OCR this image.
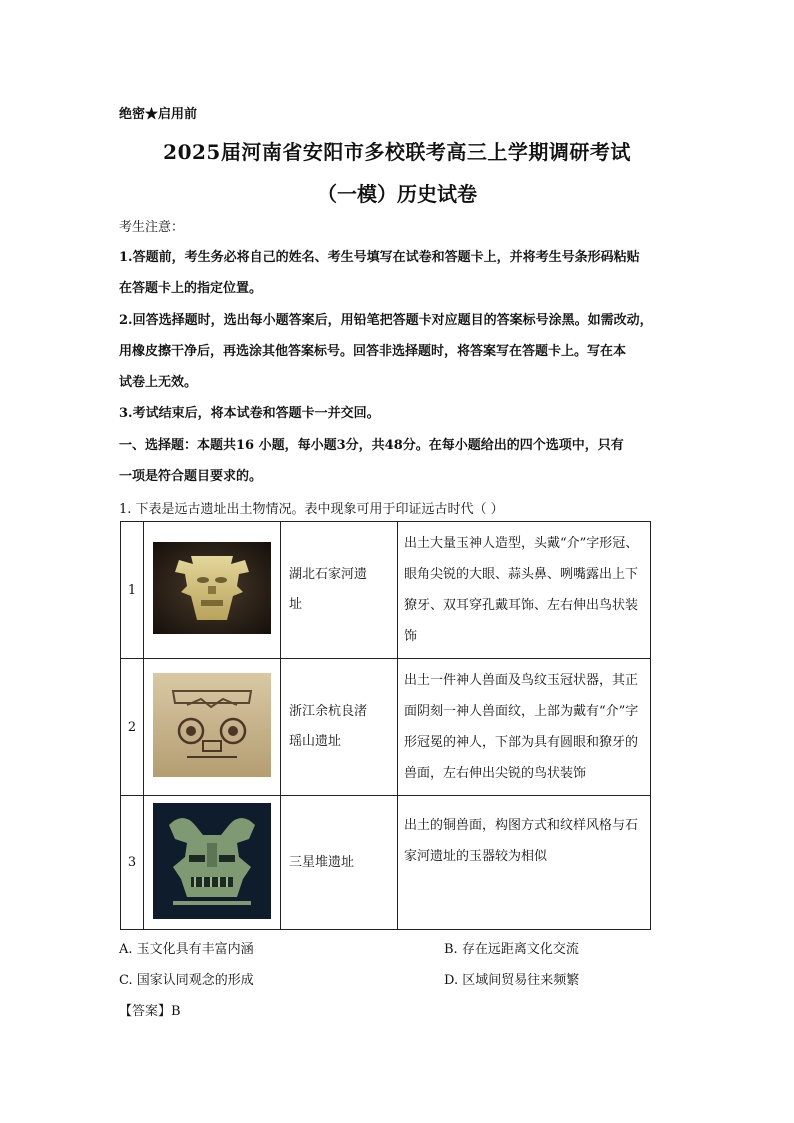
绝密★启用前
2025届河南省安阳市多校联考高三上学期调研考试
（一模）历史试卷
考生注意：
1.答题前，考生务必将自己的姓名、考生号填写在试卷和答题卡上，并将考生号条形码粘贴
在答题卡上的指定位置。
2.回答选择题时，选出每小题答案后，用铅笔把答题卡对应题目的答案标号涂黑。如需改动，
用橡皮擦干净后，再选涂其他答案标号。回答非选择题时，将答案写在答题卡上。写在本
试卷上无效。
3.考试结束后，将本试卷和答题卡一并交回。
一、选择题：本题共16 小题，每小题3分，共48分。在每小题给出的四个选项中，只有
一项是符合题目要求的。
1. 下表是远古遗址出土物情况。表中现象可用于印证远古时代（ ）
1		湖北石家河遗
址	出土大量玉神人造型，头戴“介”字形冠、
眼角尖锐的大眼、蒜头鼻、咧嘴露出上下
獠牙、双耳穿孔戴耳饰、左右伸出鸟状装
饰
2		浙江余杭良渚
瑶山遗址	出土一件神人兽面及鸟纹玉冠状器，其正
面阴刻一神人兽面纹，上部为戴有“介”字
形冠冕的神人，下部为具有圆眼和獠牙的
兽面，左右伸出尖锐的鸟状装饰
3		三星堆遗址	出土的铜兽面，构图方式和纹样风格与石
家河遗址的玉器较为相似

A. 玉文化具有丰富内涵	B. 存在远距离文化交流
C. 国家认同观念的形成	D. 区域间贸易往来频繁
【答案】B
